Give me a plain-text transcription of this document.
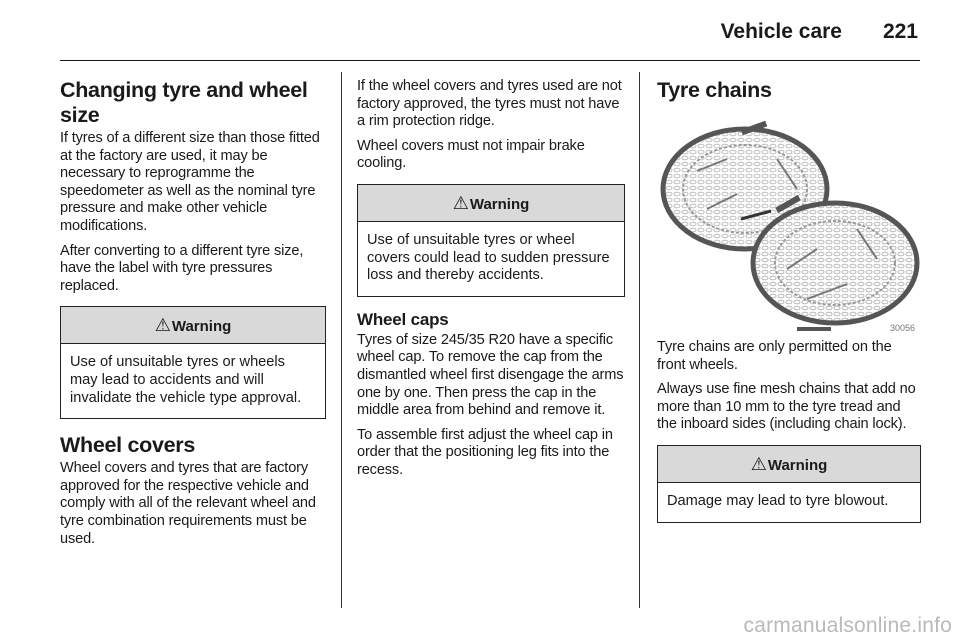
Vehicle care 221
Changing tyre and wheel size

If tyres of a different size than those fitted at the factory are used, it may be necessary to reprogramme the speedometer as well as the nominal tyre pressure and make other vehicle modifications.

After converting to a different tyre size, have the label with tyre pressures replaced.

⚠Warning
Use of unsuitable tyres or wheels may lead to accidents and will invalidate the vehicle type approval.
Wheel covers

Wheel covers and tyres that are factory approved for the respective vehicle and comply with all of the relevant wheel and tyre combination requirements must be used.

If the wheel covers and tyres used are not factory approved, the tyres must not have a rim protection ridge.

Wheel covers must not impair brake cooling.

⚠Warning
Use of unsuitable tyres or wheel covers could lead to sudden pressure loss and thereby accidents.
Wheel caps

Tyres of size 245/35 R20 have a specific wheel cap. To remove the cap from the dismantled wheel first disengage the arms one by one. Then press the cap in the middle area from behind and remove it.

To assemble first adjust the wheel cap in order that the positioning leg fits into the recess.

Tyre chains
30056

Tyre chains are only permitted on the front wheels.

Always use fine mesh chains that add no more than 10 mm to the tyre tread and the inboard sides (including chain lock).

⚠Warning
Damage may lead to tyre blowout.
carmanualsonline.info
